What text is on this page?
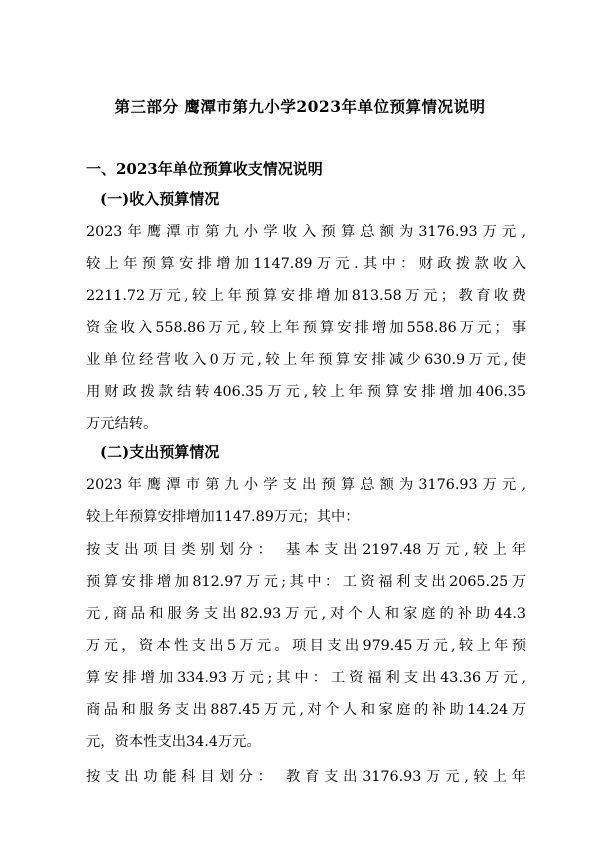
第三部分 鹰潭市第九小学2023年单位预算情况说明
一、2023年单位预算收支情况说明
(一)收入预算情况
2023年鹰潭市第九小学收入预算总额为3176.93万元,
较上年预算安排增加1147.89万元.其中：财政拨款收入
2211.72万元,较上年预算安排增加813.58万元；教育收费
资金收入558.86万元,较上年预算安排增加558.86万元；事
业单位经营收入0万元,较上年预算安排减少630.9万元,使
用财政拨款结转406.35万元,较上年预算安排增加406.35
万元结转。
(二)支出预算情况
2023年鹰潭市第九小学支出预算总额为3176.93万元,
较上年预算安排增加1147.89万元；其中：
按支出项目类别划分： 基本支出2197.48万元,较上年
预算安排增加812.97万元;其中：工资福利支出2065.25万
元,商品和服务支出82.93万元,对个人和家庭的补助44.3
万元，资本性支出5万元。项目支出979.45万元,较上年预
算安排增加334.93万元;其中：工资福利支出43.36万元,
商品和服务支出887.45万元,对个人和家庭的补助14.24万
元，资本性支出34.4万元。
按支出功能科目划分： 教育支出3176.93万元,较上年
